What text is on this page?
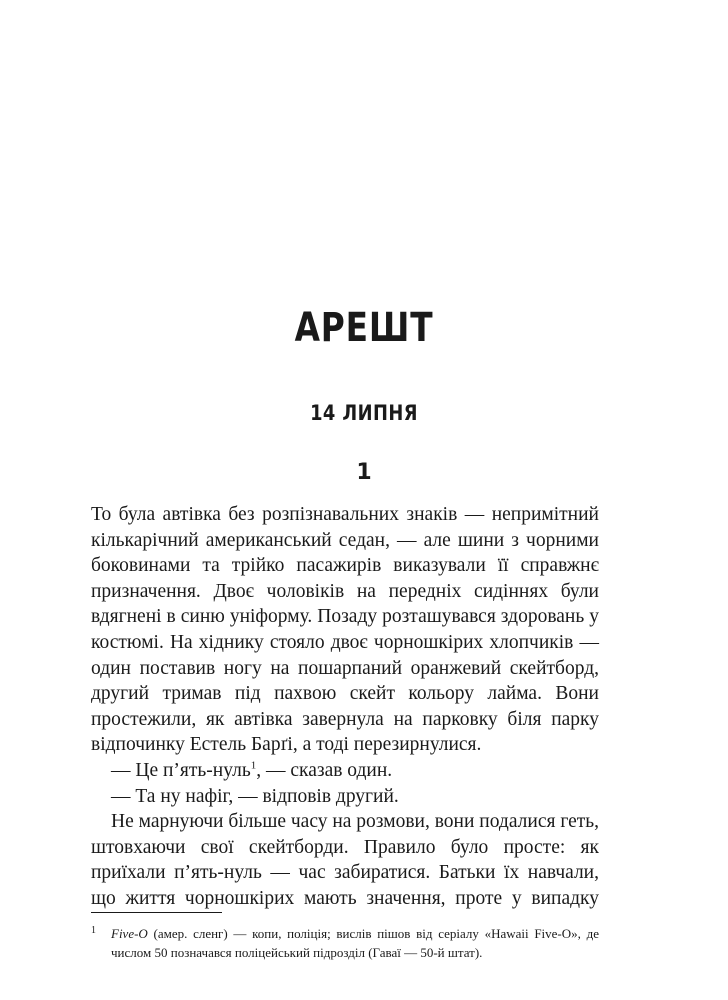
АРЕШТ
14 ЛИПНЯ
1

То була автівка без розпізнавальних знаків — непримітний кількарічний американський седан, — але шини з чорними боковинами та трійко пасажирів виказували її справжнє призначення. Двоє чоловіків на передніх сидіннях були вдягнені в синю уніформу. Позаду розташувався здоровань у костюмі. На хіднику стояло двоє чорношкірих хлопчиків — один поставив ногу на пошарпаний оранжевий скейтборд, другий тримав під пахвою скейт кольору лайма. Вони простежили, як автівка завернула на парковку біля парку відпочинку Естель Барґі, а тоді перезирнулися.

— Це п’ять-нуль$^1$, — сказав один.

— Та ну нафіг, — відповів другий.

Не марнуючи більше часу на розмови, вони подалися геть, штовхаючи свої скейтборди. Правило було просте: як приїхали п’ять-нуль — час забиратися. Батьки їх навчали, що життя чорношкірих мають значення, проте у випадку

1 Five-O (амер. сленг) — копи, поліція; вислів пішов від серіалу «Hawaii Five-O», де числом 50 позначався поліцейський підрозділ (Гаваї — 50-й штат).
